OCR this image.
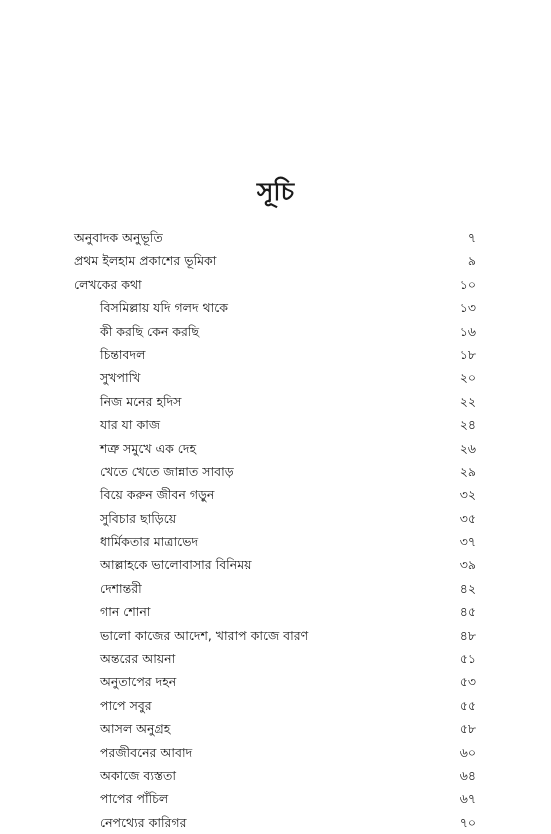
সূচি
অনুবাদক অনুভূতি	৭
প্রথম ইলহাম প্রকাশের ভূমিকা	৯
লেখকের কথা	১০
বিসমিল্লায় যদি গলদ থাকে	১৩
কী করছি কেন করছি	১৬
চিন্তাবদল	১৮
সুখপাখি	২০
নিজ মনের হদিস	২২
যার যা কাজ	২৪
শত্রু সমুখে এক দেহ	২৬
খেতে খেতে জান্নাত সাবাড়	২৯
বিয়ে করুন জীবন গড়ুন	৩২
সুবিচার ছাড়িয়ে	৩৫
ধার্মিকতার মাত্রাভেদ	৩৭
আল্লাহকে ভালোবাসার বিনিময়	৩৯
দেশান্তরী	৪২
গান শোনা	৪৫
ভালো কাজের আদেশ, খারাপ কাজে বারণ	৪৮
অন্তরের আয়না	৫১
অনুতাপের দহন	৫৩
পাপে সবুর	৫৫
আসল অনুগ্রহ	৫৮
পরজীবনের আবাদ	৬০
অকাজে ব্যস্ততা	৬৪
পাপের পাঁচিল	৬৭
নেপথ্যের কারিগর	৭০
